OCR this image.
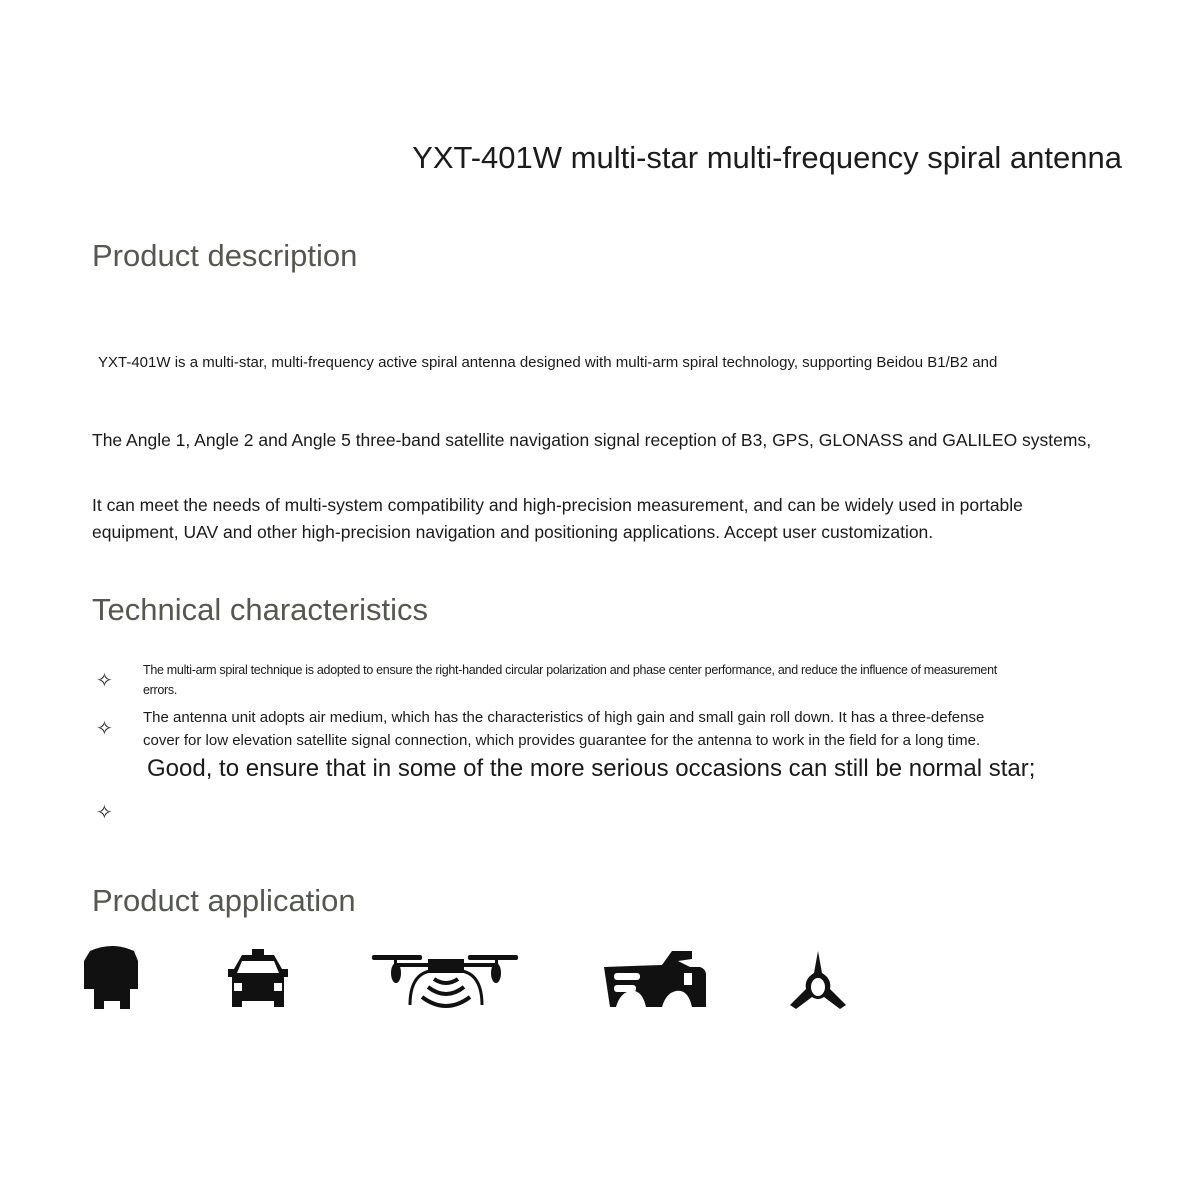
YXT-401W multi-star multi-frequency spiral antenna
Product description
YXT-401W is a multi-star, multi-frequency active spiral antenna designed with multi-arm spiral technology, supporting Beidou B1/B2 and
The Angle 1, Angle 2 and Angle 5 three-band satellite navigation signal reception of B3, GPS, GLONASS and GALILEO systems,
It can meet the needs of multi-system compatibility and high-precision measurement, and can be widely used in portable
equipment, UAV and other high-precision navigation and positioning applications. Accept user customization.
Technical characteristics
✧ The multi-arm spiral technique is adopted to ensure the right-handed circular polarization and phase center performance, and reduce the influence of measurement
errors.
✧
The antenna unit adopts air medium, which has the characteristics of high gain and small gain roll down. It has a three-defense
cover for low elevation satellite signal connection, which provides guarantee for the antenna to work in the field for a long time.
Good, to ensure that in some of the more serious occasions can still be normal star;
✧
Product application
